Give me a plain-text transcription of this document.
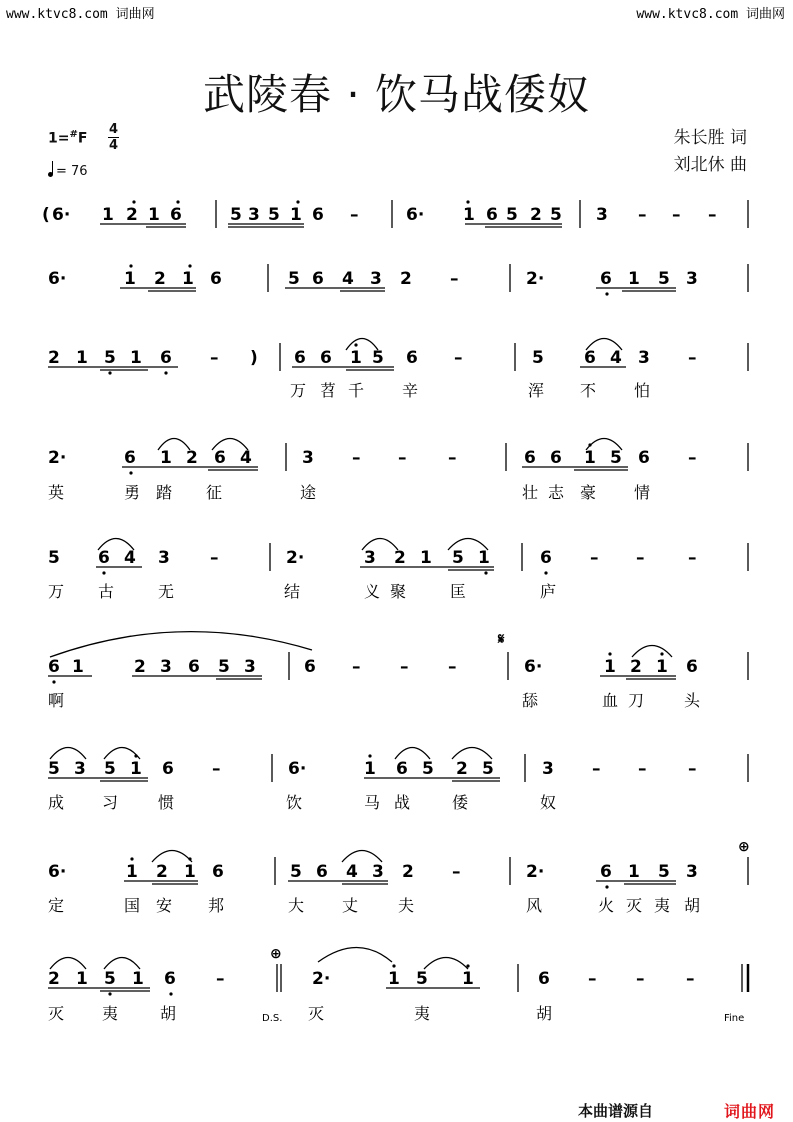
www.ktvc8.com 词曲网	www.ktvc8.com 词曲网
武陵春 · 饮马战倭奴
朱长胜 词
刘北休 曲
1=#F
4
4
= 76
( 6· 1 2 1 6	5 3 5 1 6 –	6· 1 6 5 2 5 3 – – –
6·	1 2 1 6	5 6 4 3 2 –	2·	6 1 5 3
2 1 5 1 6 – ) 6 6 1 5 6 –	5 6 4 3 –
万 苕 千 辛	浑 不 怕
2·	6 1 2 6 4	3 – – –	6 6 1 5 6 –
英	勇 踏 征	途	壮 志 豪 情
5 6 4 3 –	2·	3 2 1 5 1	6 – –	–
万 古	无	结	义 聚	匡	庐
𝄋
6 1	2 3 6 5 3	6 – – –	6·	1 2 1 6
啊	舔	血 刀 头
5 3 5 1 6 –	6·	1 6 5 2 5	3 – – –
成 习 惯	饮	马 战	倭	奴
⊕
6·	1 2 1 6	5 6 4 3 2 –	2·	6 1 5 3
定	国 安 邦	大 丈 夫	风	火 灭 夷 胡
⊕
2 1 5 1 6 –	2·	1 5 1	6 – – –
灭 夷	胡	灭	夷	胡
D.S.	Fine
本曲谱源自	词曲网
